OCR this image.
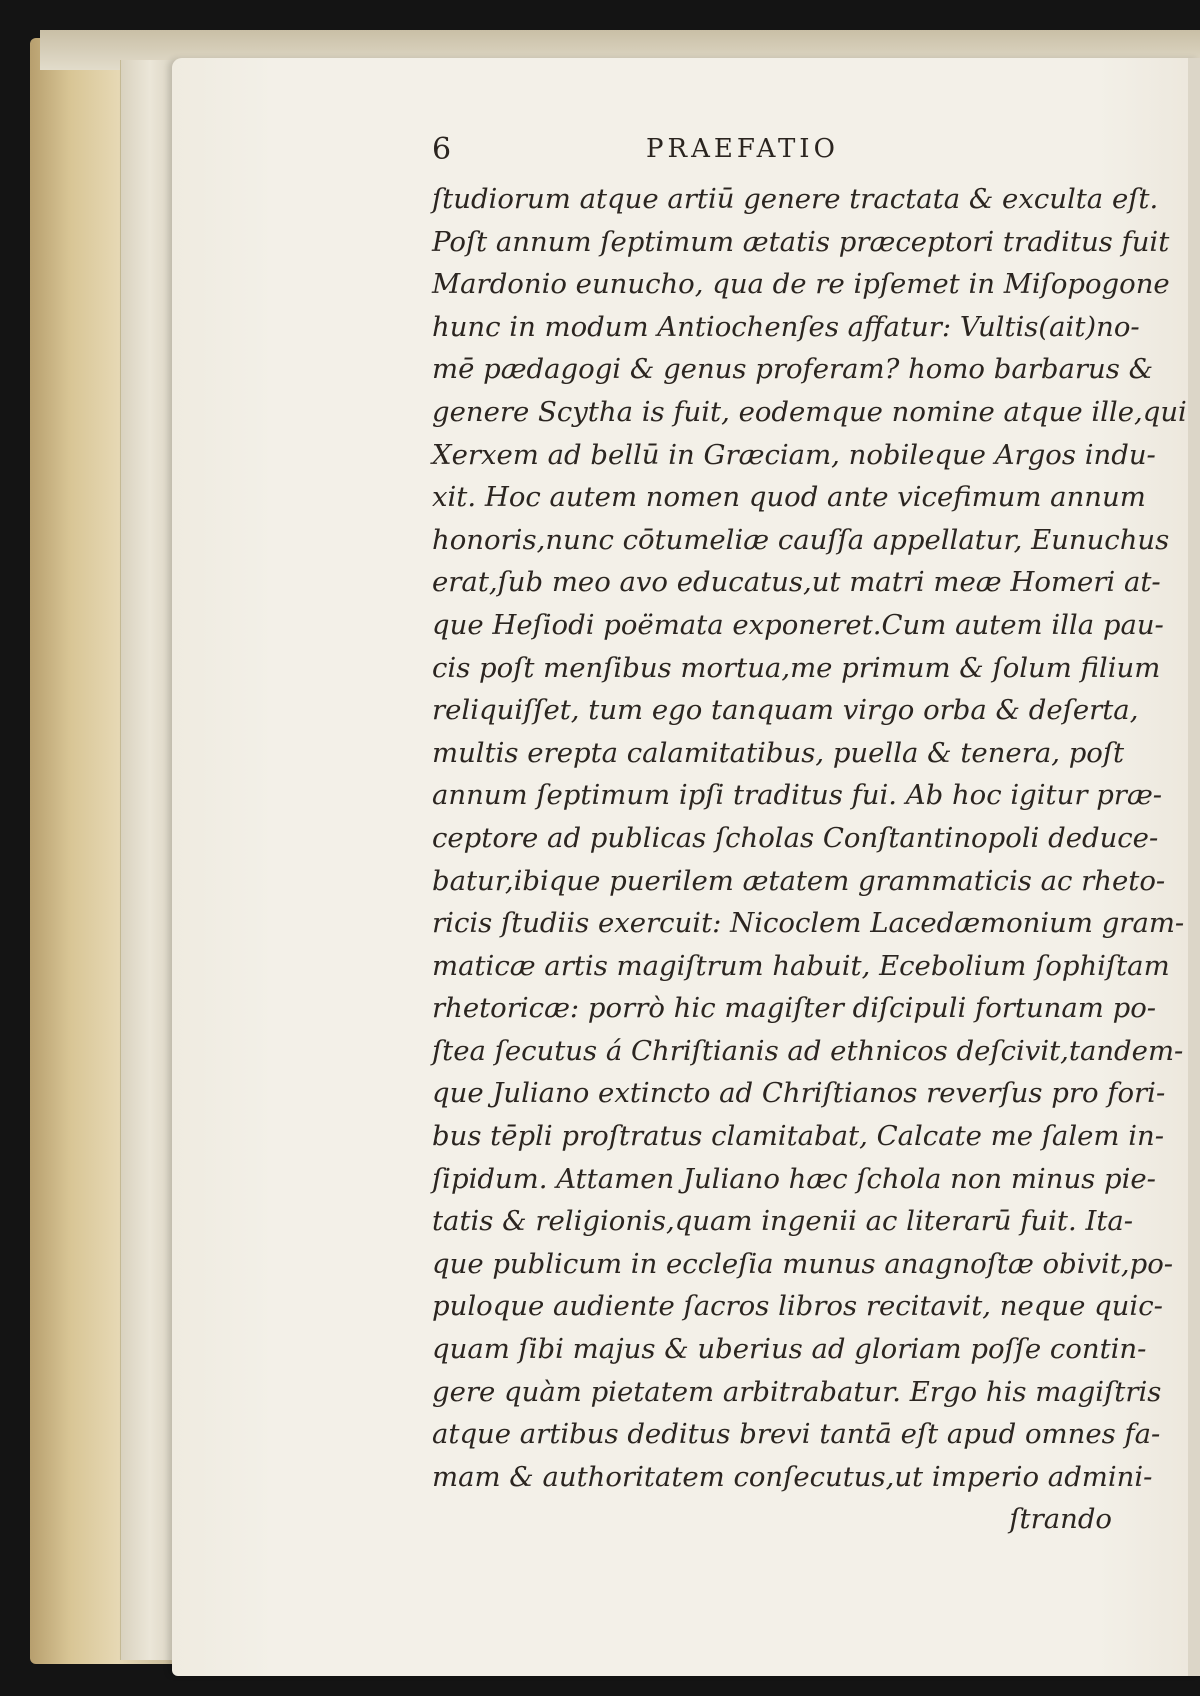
6	PRAEFATIO
ſtudiorum atque artiū genere tractata & exculta eſt.
Poſt annum ſeptimum ætatis præceptori traditus fuit
Mardonio eunucho, qua de re ipſemet in Miſopogone
hunc in modum Antiochenſes affatur: Vultis(ait)no-
mē pædagogi & genus proferam? homo barbarus &
genere Scytha is fuit, eodemque nomine atque ille,qui
Xerxem ad bellū in Græciam, nobileque Argos indu-
xit. Hoc autem nomen quod ante vicefimum annum
honoris,nunc cōtumeliæ cauſſa appellatur, Eunuchus
erat,ſub meo avo educatus,ut matri meæ Homeri at-
que Heſiodi poëmata exponeret.Cum autem illa pau-
cis poſt menſibus mortua,me primum & ſolum filium
reliquiſſet, tum ego tanquam virgo orba & deſerta,
multis erepta calamitatibus, puella & tenera, poſt
annum ſeptimum ipſi traditus fui. Ab hoc igitur præ-
ceptore ad publicas ſcholas Conſtantinopoli deduce-
batur,ibique puerilem ætatem grammaticis ac rheto-
ricis ſtudiis exercuit: Nicoclem Lacedæmonium gram-
maticæ artis magiſtrum habuit, Ecebolium ſophiſtam
rhetoricæ: porrò hic magiſter diſcipuli fortunam po-
ſtea ſecutus á Chriſtianis ad ethnicos deſcivit,tandem-
que Juliano extincto ad Chriſtianos reverſus pro fori-
bus tēpli proſtratus clamitabat, Calcate me ſalem in-
ſipidum. Attamen Juliano hæc ſchola non minus pie-
tatis & religionis,quam ingenii ac literarū fuit. Ita-
que publicum in eccleſia munus anagnoſtæ obivit,po-
puloque audiente ſacros libros recitavit, neque quic-
quam ſibi majus & uberius ad gloriam poſſe contin-
gere quàm pietatem arbitrabatur. Ergo his magiſtris
atque artibus deditus brevi tantā eſt apud omnes fa-
mam & authoritatem conſecutus,ut imperio admini-
ſtrando
